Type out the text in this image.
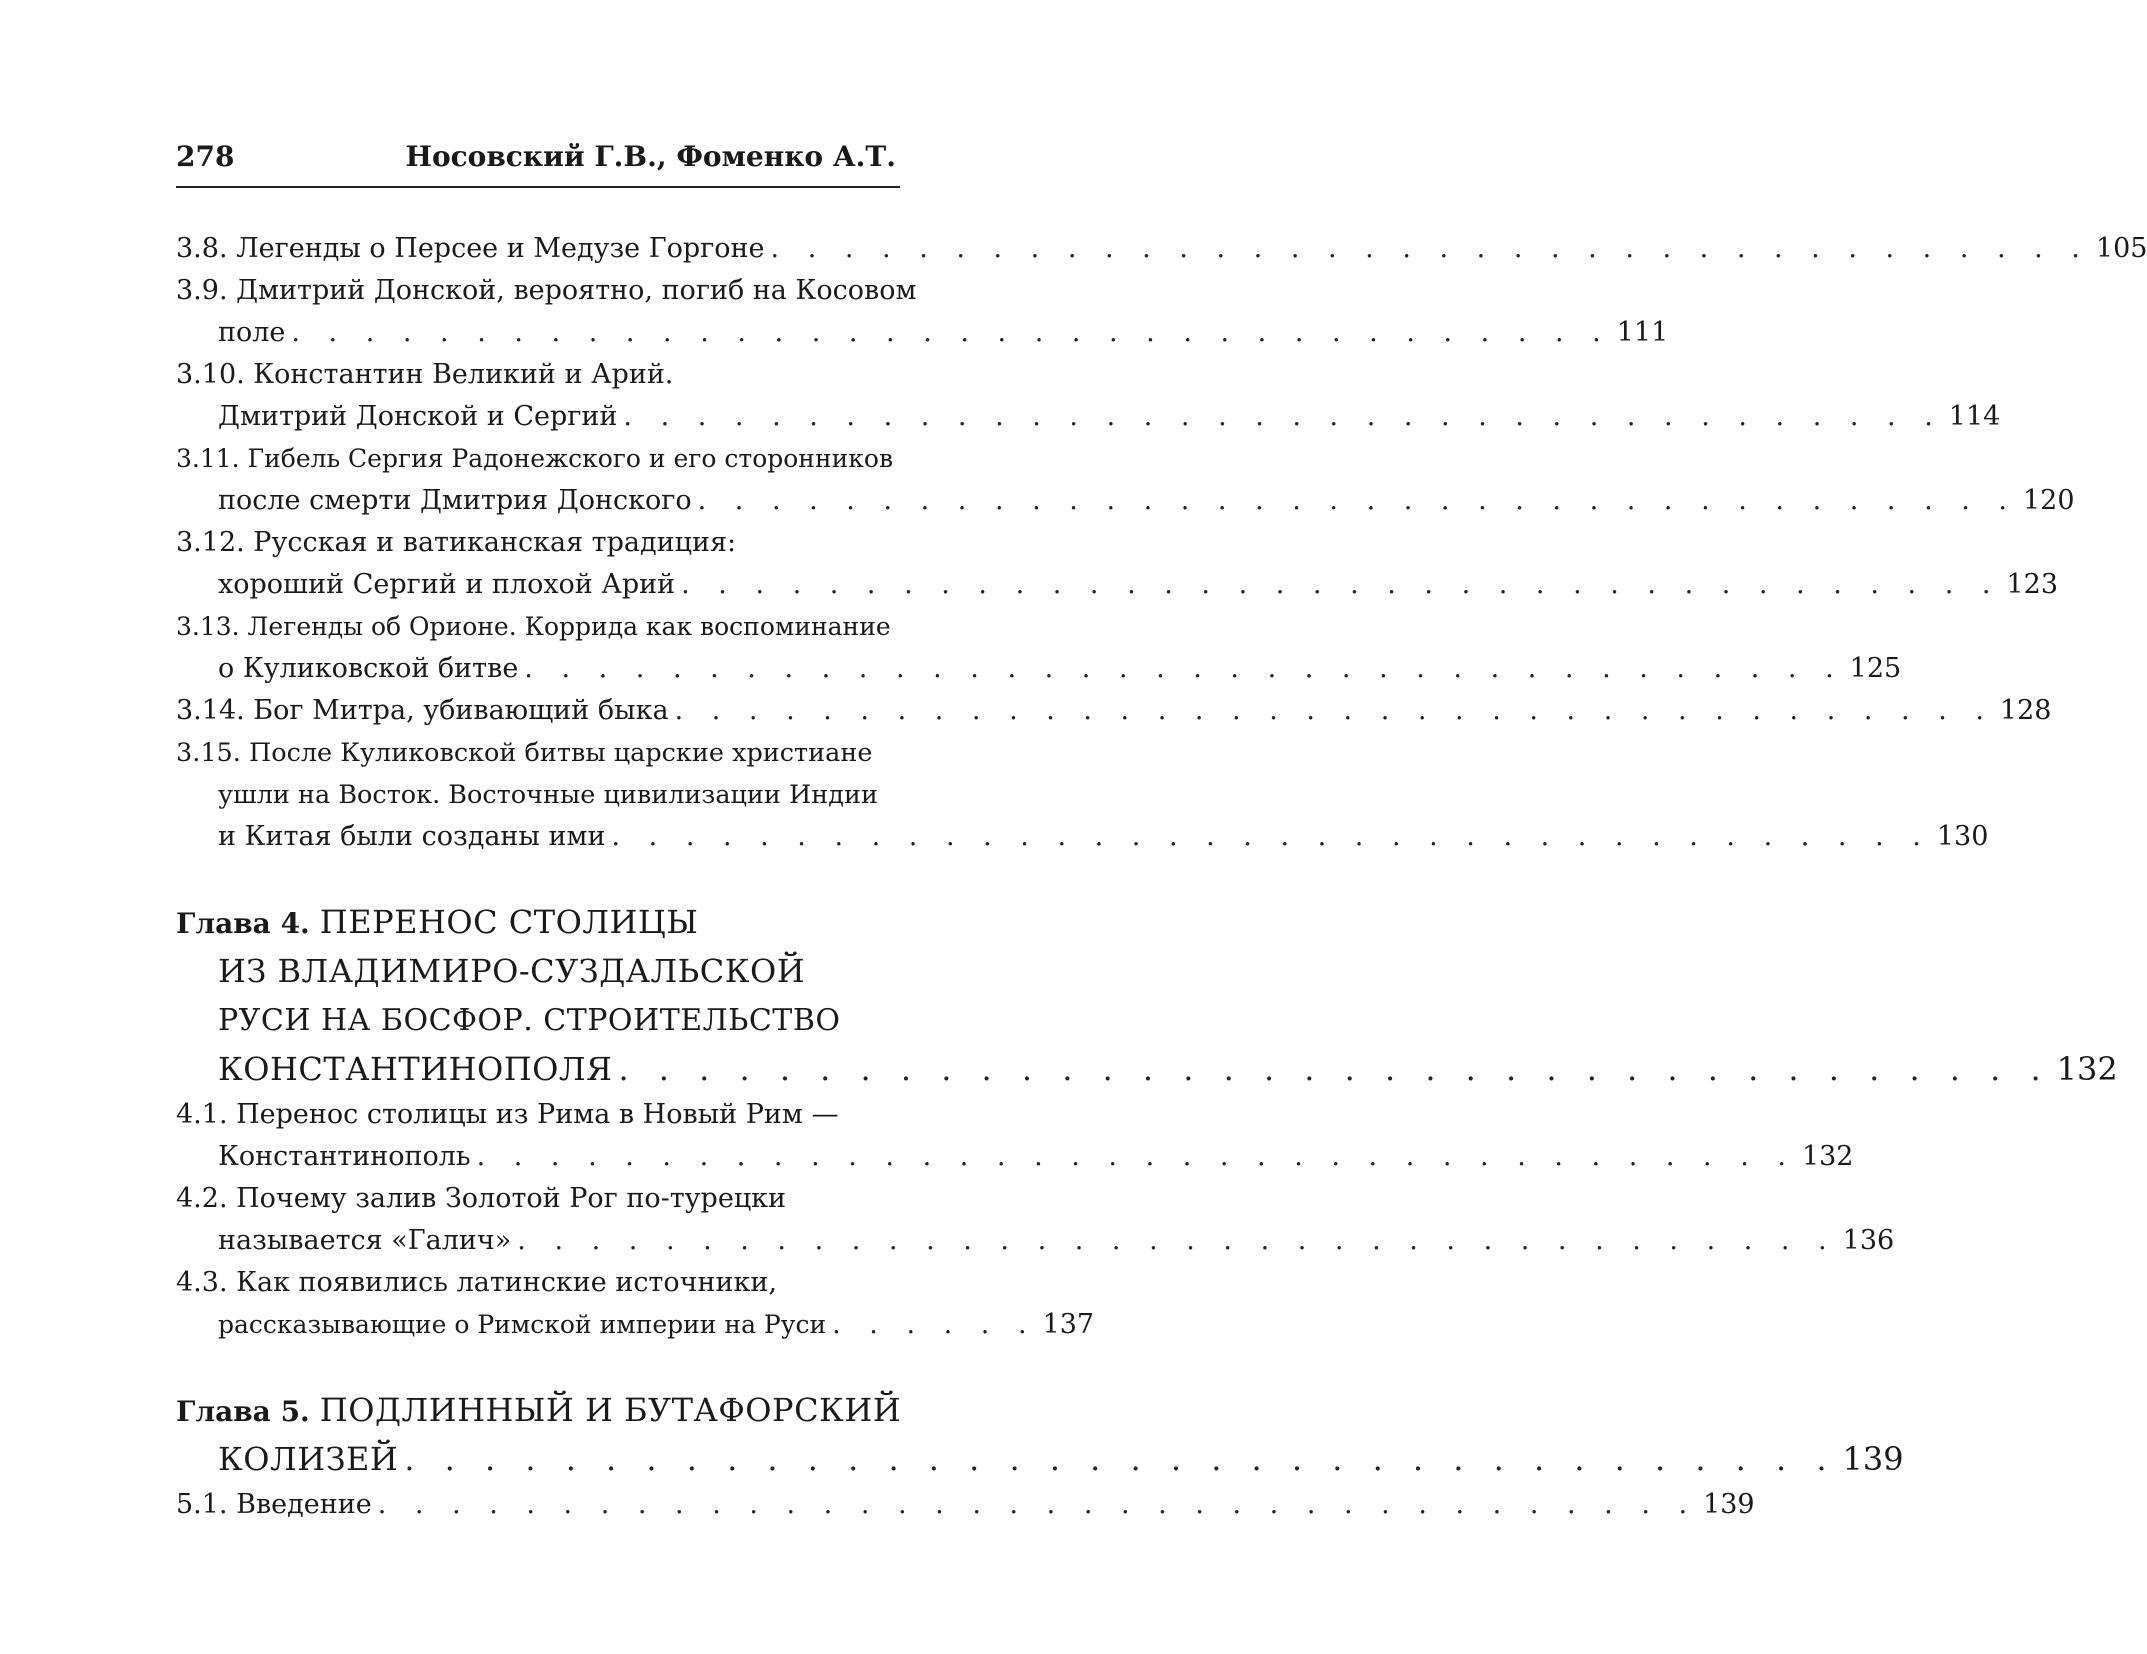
278	Носовский Г.В., Фоменко А.Т.
3.8. Легенды о Персее и Медузе Горгоне . . . . . . . . . . . . . . . . . . . . . . . . . . . . . . . . . . . . 105
3.9. Дмитрий Донской, вероятно, погиб на Косовом
поле . . . . . . . . . . . . . . . . . . . . . . . . . . . . . . . . . . . . 111
3.10. Константин Великий и Арий.
Дмитрий Донской и Сергий . . . . . . . . . . . . . . . . . . . . . . . . . . . . . . . . . . . . 114
3.11. Гибель Сергия Радонежского и его сторонников
после смерти Дмитрия Донского . . . . . . . . . . . . . . . . . . . . . . . . . . . . . . . . . . . . 120
3.12. Русская и ватиканская традиция:
хороший Сергий и плохой Арий . . . . . . . . . . . . . . . . . . . . . . . . . . . . . . . . . . . . 123
3.13. Легенды об Орионе. Коррида как воспоминание
о Куликовской битве . . . . . . . . . . . . . . . . . . . . . . . . . . . . . . . . . . . . 125
3.14. Бог Митра, убивающий быка . . . . . . . . . . . . . . . . . . . . . . . . . . . . . . . . . . . . 128
3.15. После Куликовской битвы царские христиане
ушли на Восток. Восточные цивилизации Индии
и Китая были созданы ими . . . . . . . . . . . . . . . . . . . . . . . . . . . . . . . . . . . . 130
Глава 4. ПЕРЕНОС СТОЛИЦЫ
ИЗ ВЛАДИМИРО-СУЗДАЛЬСКОЙ
РУСИ НА БОСФОР. СТРОИТЕЛЬСТВО
КОНСТАНТИНОПОЛЯ . . . . . . . . . . . . . . . . . . . . . . . . . . . . . . . . . . . . 132
4.1. Перенос столицы из Рима в Новый Рим —
Константинополь . . . . . . . . . . . . . . . . . . . . . . . . . . . . . . . . . . . . 132
4.2. Почему залив Золотой Рог по-турецки
называется «Галич» . . . . . . . . . . . . . . . . . . . . . . . . . . . . . . . . . . . . 136
4.3. Как появились латинские источники,
рассказывающие о Римской империи на Руси . . . . . . 137
Глава 5. ПОДЛИННЫЙ И БУТАФОРСКИЙ
КОЛИЗЕЙ . . . . . . . . . . . . . . . . . . . . . . . . . . . . . . . . . . . . 139
5.1. Введение . . . . . . . . . . . . . . . . . . . . . . . . . . . . . . . . . . . . 139
